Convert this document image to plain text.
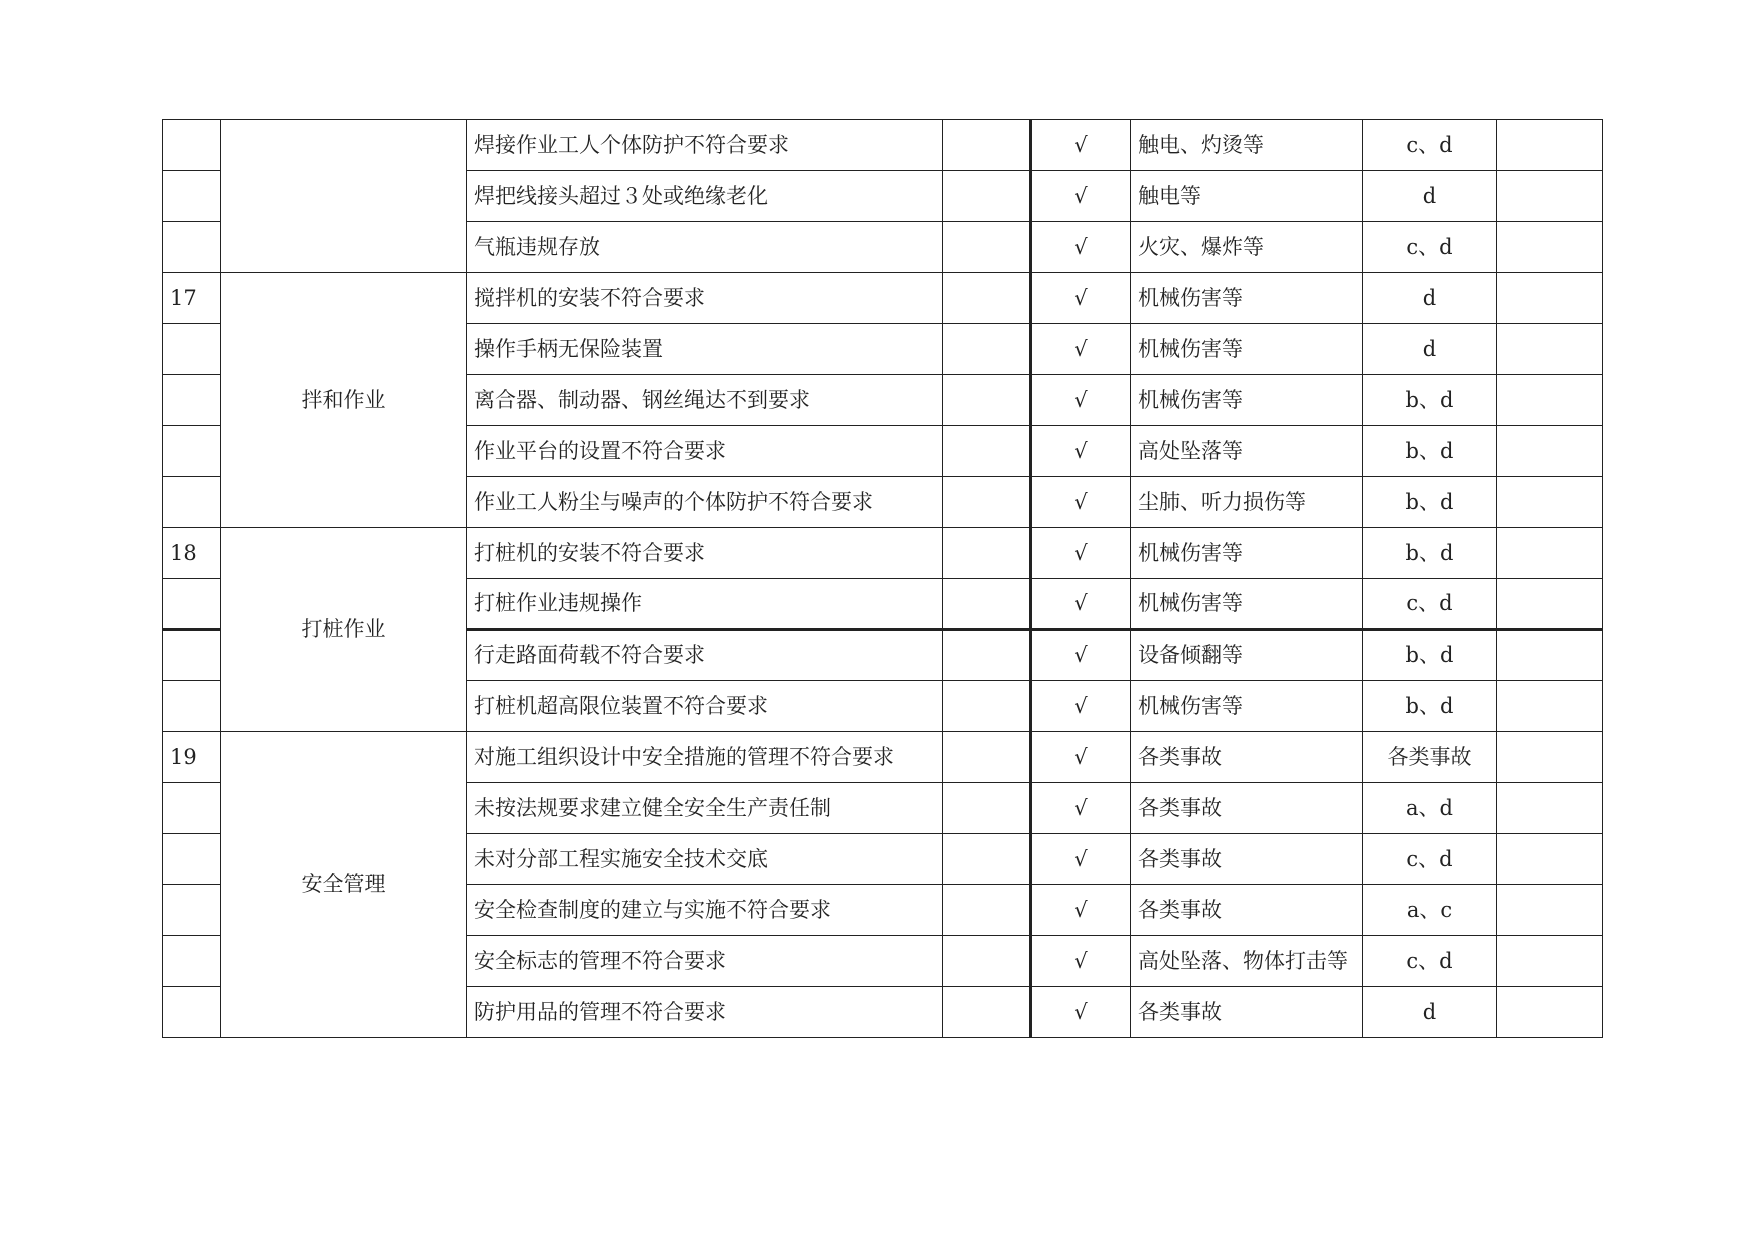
		焊接作业工人个体防护不符合要求		√	触电、灼烫等	c、d	
		焊把线接头超过３处或绝缘老化		√	触电等	d	
		气瓶违规存放		√	火灾、爆炸等	c、d	
17	拌和作业	搅拌机的安装不符合要求		√	机械伤害等	d	
		操作手柄无保险装置		√	机械伤害等	d	
		离合器、制动器、钢丝绳达不到要求		√	机械伤害等	b、d	
		作业平台的设置不符合要求		√	高处坠落等	b、d	
		作业工人粉尘与噪声的个体防护不符合要求		√	尘肺、听力损伤等	b、d	
18	打桩作业	打桩机的安装不符合要求		√	机械伤害等	b、d	
		打桩作业违规操作		√	机械伤害等	c、d	
		行走路面荷载不符合要求		√	设备倾翻等	b、d	
		打桩机超高限位装置不符合要求		√	机械伤害等	b、d	
19	安全管理	对施工组织设计中安全措施的管理不符合要求		√	各类事故	各类事故	
		未按法规要求建立健全安全生产责任制		√	各类事故	a、d	
		未对分部工程实施安全技术交底		√	各类事故	c、d	
		安全检查制度的建立与实施不符合要求		√	各类事故	a、c	
		安全标志的管理不符合要求		√	高处坠落、物体打击等	c、d	
		防护用品的管理不符合要求		√	各类事故	d	
